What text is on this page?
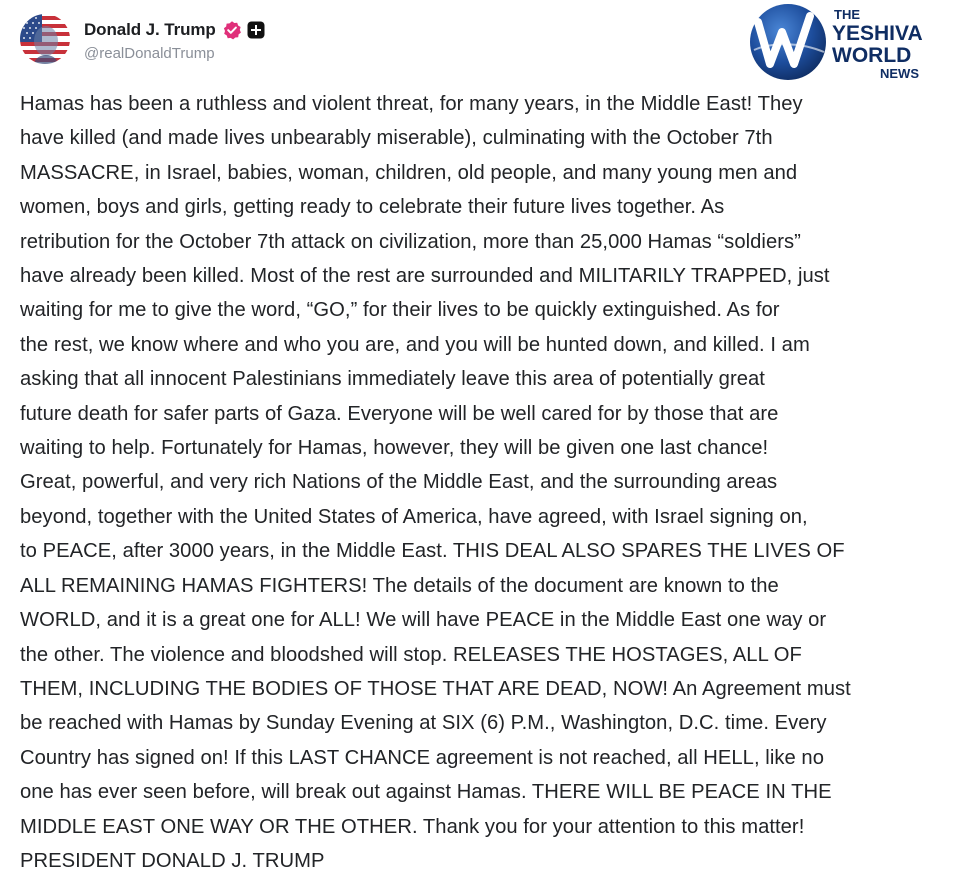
Donald J. Trump
@realDonaldTrump
THE
YESHIVA
WORLD
NEWS

Hamas has been a ruthless and violent threat, for many years, in the Middle East! They
have killed (and made lives unbearably miserable), culminating with the October 7th
MASSACRE, in Israel, babies, woman, children, old people, and many young men and
women, boys and girls, getting ready to celebrate their future lives together. As
retribution for the October 7th attack on civilization, more than 25,000 Hamas “soldiers”
have already been killed. Most of the rest are surrounded and MILITARILY TRAPPED, just
waiting for me to give the word, “GO,” for their lives to be quickly extinguished. As for
the rest, we know where and who you are, and you will be hunted down, and killed. I am
asking that all innocent Palestinians immediately leave this area of potentially great
future death for safer parts of Gaza. Everyone will be well cared for by those that are
waiting to help. Fortunately for Hamas, however, they will be given one last chance!
Great, powerful, and very rich Nations of the Middle East, and the surrounding areas
beyond, together with the United States of America, have agreed, with Israel signing on,
to PEACE, after 3000 years, in the Middle East. THIS DEAL ALSO SPARES THE LIVES OF
ALL REMAINING HAMAS FIGHTERS! The details of the document are known to the
WORLD, and it is a great one for ALL! We will have PEACE in the Middle East one way or
the other. The violence and bloodshed will stop. RELEASES THE HOSTAGES, ALL OF
THEM, INCLUDING THE BODIES OF THOSE THAT ARE DEAD, NOW! An Agreement must
be reached with Hamas by Sunday Evening at SIX (6) P.M., Washington, D.C. time. Every
Country has signed on! If this LAST CHANCE agreement is not reached, all HELL, like no
one has ever seen before, will break out against Hamas. THERE WILL BE PEACE IN THE
MIDDLE EAST ONE WAY OR THE OTHER. Thank you for your attention to this matter!
PRESIDENT DONALD J. TRUMP
